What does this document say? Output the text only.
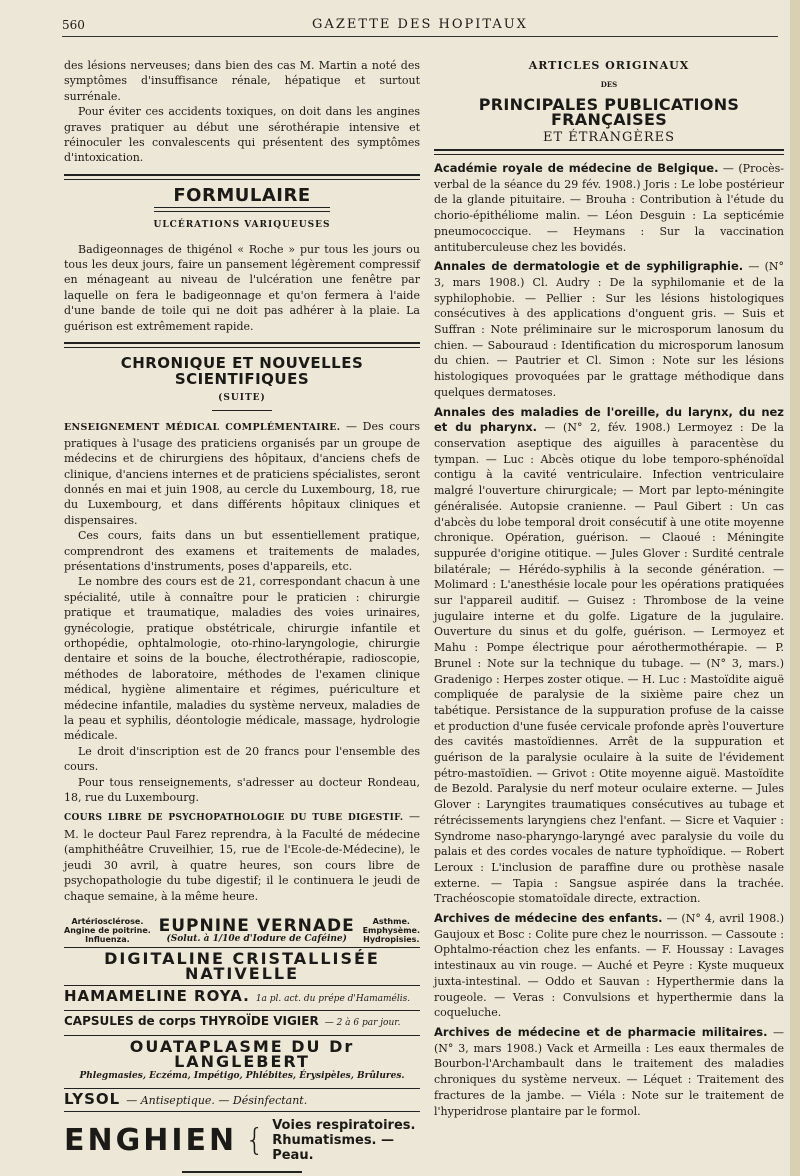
560	GAZETTE DES HOPITAUX

des lésions nerveuses; dans bien des cas M. Martin a noté des symptômes d'insuffisance rénale, hépatique et surtout surrénale.

Pour éviter ces accidents toxiques, on doit dans les angines graves pratiquer au début une sérothérapie intensive et réinoculer les convalescents qui présentent des symptômes d'intoxication.

FORMULAIRE
ULCÉRATIONS VARIQUEUSES

Badigeonnages de thigénol « Roche » pur tous les jours ou tous les deux jours, faire un pansement légèrement compressif en ménageant au niveau de l'ulcération une fenêtre par laquelle on fera le badigeonnage et qu'on fermera à l'aide d'une bande de toile qui ne doit pas adhérer à la plaie. La guérison est extrêmement rapide.

CHRONIQUE ET NOUVELLES SCIENTIFIQUES
(SUITE)

ENSEIGNEMENT MÉDICAL COMPLÉMENTAIRE. — Des cours pratiques à l'usage des praticiens organisés par un groupe de médecins et de chirurgiens des hôpitaux, d'anciens chefs de clinique, d'anciens internes et de praticiens spécialistes, seront donnés en mai et juin 1908, au cercle du Luxembourg, 18, rue du Luxembourg, et dans différents hôpitaux cliniques et dispensaires.

Ces cours, faits dans un but essentiellement pratique, comprendront des examens et traitements de malades, présentations d'instruments, poses d'appareils, etc.

Le nombre des cours est de 21, correspondant chacun à une spécialité, utile à connaître pour le praticien : chirurgie pratique et traumatique, maladies des voies urinaires, gynécologie, pratique obstétricale, chirurgie infantile et orthopédie, ophtalmologie, oto-rhino-laryngologie, chirurgie dentaire et soins de la bouche, électrothérapie, radioscopie, méthodes de laboratoire, méthodes de l'examen clinique médical, hygiène alimentaire et régimes, puériculture et médecine infantile, maladies du système nerveux, maladies de la peau et syphilis, déontologie médicale, massage, hydrologie médicale.

Le droit d'inscription est de 20 francs pour l'ensemble des cours.

Pour tous renseignements, s'adresser au docteur Rondeau, 18, rue du Luxembourg.

COURS LIBRE DE PSYCHOPATHOLOGIE DU TUBE DIGESTIF. — M. le docteur Paul Farez reprendra, à la Faculté de médecine (amphithéâtre Cruveilhier, 15, rue de l'Ecole-de-Médecine), le jeudi 30 avril, à quatre heures, son cours libre de psychopathologie du tube digestif; il le continuera le jeudi de chaque semaine, à la même heure.

Artériosclérose.
Angine de poitrine.
Influenza.
EUPNINE VERNADE
(Solut. à 1/10e d'Iodure de Caféine)
Asthme.
Emphysème.
Hydropisies.
DIGITALINE CRISTALLISÉE NATIVELLE
HAMAMELINE ROYA. 1a pl. act. du prépe d'Hamamélis.
CAPSULES de corps THYROÏDE VIGIER — 2 à 6 par jour.
OUATAPLASME DU Dr LANGLEBERT
Phlegmasies, Eczéma, Impétigo, Phlébites, Érysipèles, Brûlures.
LYSOL — Antiseptique. — Désinfectant.
ENGHIEN { Voies respiratoires.
Rhumatismes. — Peau.
ARTICLES ORIGINAUX
DES
PRINCIPALES PUBLICATIONS FRANÇAISES
ET ÉTRANGÈRES

Académie royale de médecine de Belgique. — (Procès-verbal de la séance du 29 fév. 1908.) Joris : Le lobe postérieur de la glande pituitaire. — Brouha : Contribution à l'étude du chorio-épithéliome malin. — Léon Desguin : La septicémie pneumococcique. — Heymans : Sur la vaccination antituberculeuse chez les bovidés.

Annales de dermatologie et de syphiligraphie. — (N° 3, mars 1908.) Cl. Audry : De la syphilomanie et de la syphilophobie. — Pellier : Sur les lésions histologiques consécutives à des applications d'onguent gris. — Suis et Suffran : Note préliminaire sur le microsporum lanosum du chien. — Sabouraud : Identification du microsporum lanosum du chien. — Pautrier et Cl. Simon : Note sur les lésions histologiques provoquées par le grattage méthodique dans quelques dermatoses.

Annales des maladies de l'oreille, du larynx, du nez et du pharynx. — (N° 2, fév. 1908.) Lermoyez : De la conservation aseptique des aiguilles à paracentèse du tympan. — Luc : Abcès otique du lobe temporo-sphénoïdal contigu à la cavité ventriculaire. Infection ventriculaire malgré l'ouverture chirurgicale; — Mort par lepto-méningite généralisée. Autopsie cranienne. — Paul Gibert : Un cas d'abcès du lobe temporal droit consécutif à une otite moyenne chronique. Opération, guérison. — Claoué : Méningite suppurée d'origine otitique. — Jules Glover : Surdité centrale bilatérale; — Hérédo-syphilis à la seconde génération. — Molimard : L'anesthésie locale pour les opérations pratiquées sur l'appareil auditif. — Guisez : Thrombose de la veine jugulaire interne et du golfe. Ligature de la jugulaire. Ouverture du sinus et du golfe, guérison. — Lermoyez et Mahu : Pompe électrique pour aérothermothérapie. — P. Brunel : Note sur la technique du tubage. — (N° 3, mars.) Gradenigo : Herpes zoster otique. — H. Luc : Mastoïdite aiguë compliquée de paralysie de la sixième paire chez un tabétique. Persistance de la suppuration profuse de la caisse et production d'une fusée cervicale profonde après l'ouverture des cavités mastoïdiennes. Arrêt de la suppuration et guérison de la paralysie oculaire à la suite de l'évidement pétro-mastoïdien. — Grivot : Otite moyenne aiguë. Mastoïdite de Bezold. Paralysie du nerf moteur oculaire externe. — Jules Glover : Laryngites traumatiques consécutives au tubage et rétrécissements laryngiens chez l'enfant. — Sicre et Vaquier : Syndrome naso-pharyngo-laryngé avec paralysie du voile du palais et des cordes vocales de nature typhoïdique. — Robert Leroux : L'inclusion de paraffine dure ou prothèse nasale externe. — Tapia : Sangsue aspirée dans la trachée. Trachéoscopie stomatoïdale directe, extraction.

Archives de médecine des enfants. — (N° 4, avril 1908.) Gaujoux et Bosc : Colite pure chez le nourrisson. — Cassoute : Ophtalmo-réaction chez les enfants. — F. Houssay : Lavages intestinaux au vin rouge. — Auché et Peyre : Kyste muqueux juxta-intestinal. — Oddo et Sauvan : Hyperthermie dans la rougeole. — Veras : Convulsions et hyperthermie dans la coqueluche.

Archives de médecine et de pharmacie militaires. — (N° 3, mars 1908.) Vack et Armeilla : Les eaux thermales de Bourbon-l'Archambault dans le traitement des maladies chroniques du système nerveux. — Léquet : Traitement des fractures de la jambe. — Viéla : Note sur le traitement de l'hyperidrose plantaire par le formol.
